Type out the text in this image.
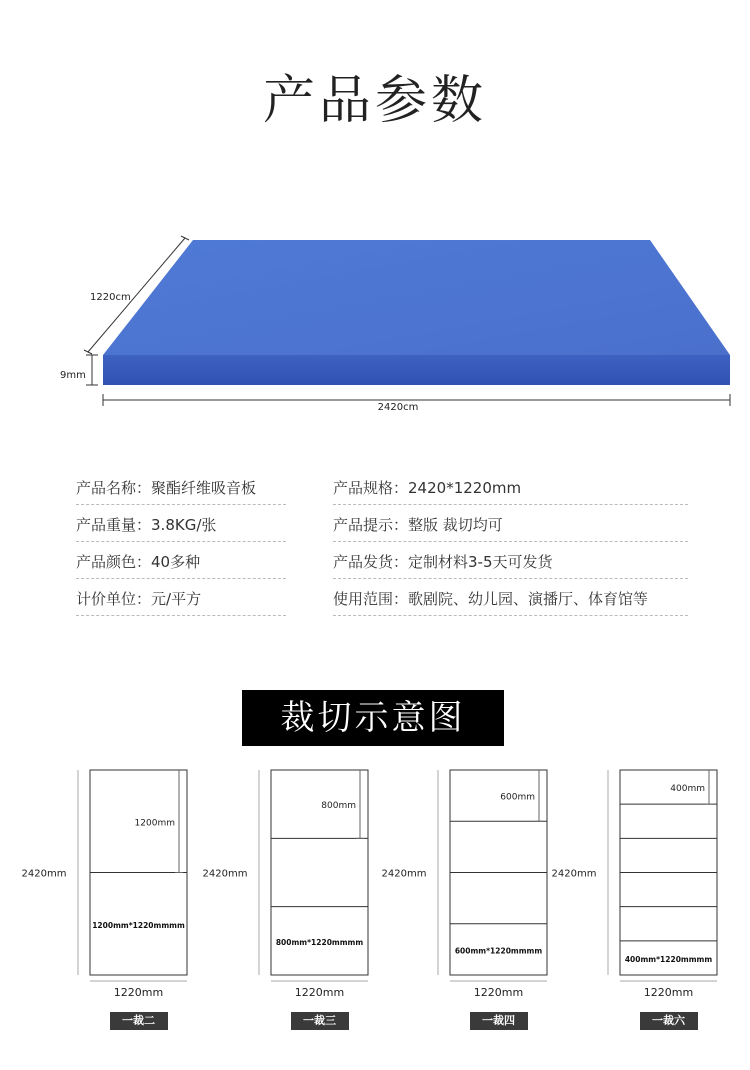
产品参数
1220cm
9mm
2420cm
产品名称：聚酯纤维吸音板
产品重量：3.8KG/张
产品颜色：40多种
计价单位：元/平方
产品规格：2420*1220mm
产品提示：整版 裁切均可
产品发货：定制材料3-5天可发货
使用范围：歌剧院、幼儿园、演播厅、体育馆等
裁切示意图
2420mm
1200mm
1200mm*1220mmmm
1220mm
一裁二
2420mm
800mm
800mm*1220mmmm
1220mm
一裁三
2420mm
600mm
600mm*1220mmmm
1220mm
一裁四
2420mm
400mm
400mm*1220mmmm
1220mm
一裁六
